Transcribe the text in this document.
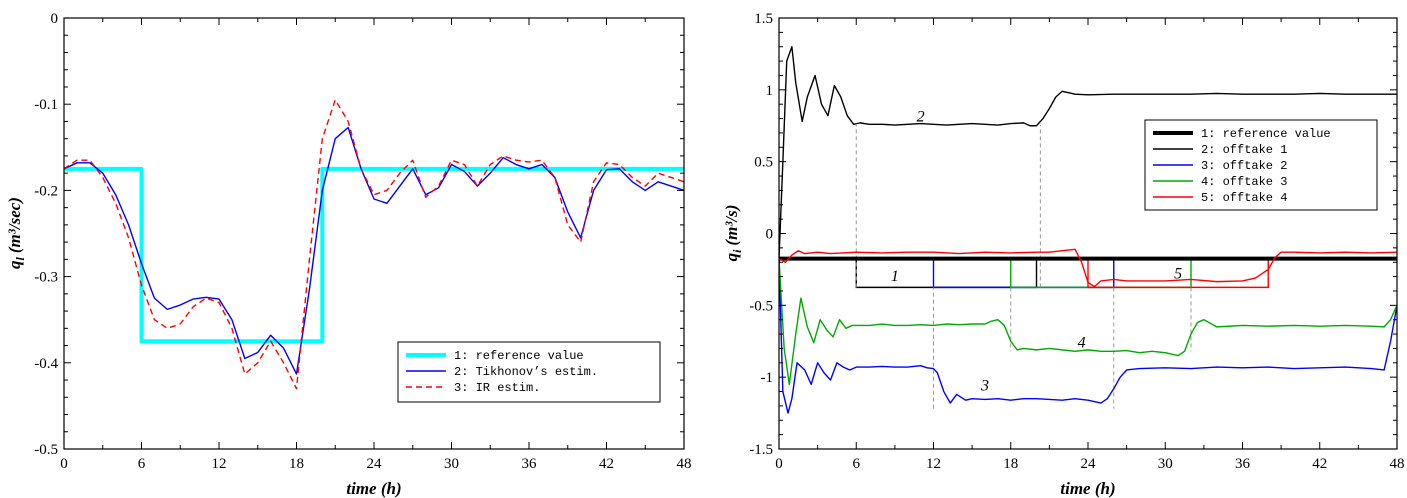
0	6	12	18	24	30	36	42	48
0
-0.1
-0.2
-0.3
-0.4
-0.5
time (h)
$q_l(m^3/\sec)$
1: reference value
2: Tikhonov’s estim.
3: IR estim.
0	6	12	18	24	30	36	42	48
1.5
1
0.5
0
-0.5
-1
-1.5
time (h)
$q_i(m^3/s)$
1: reference value
2: offtake 1
3: offtake 2
4: offtake 3
5: offtake 4
1
2
3
4
5
